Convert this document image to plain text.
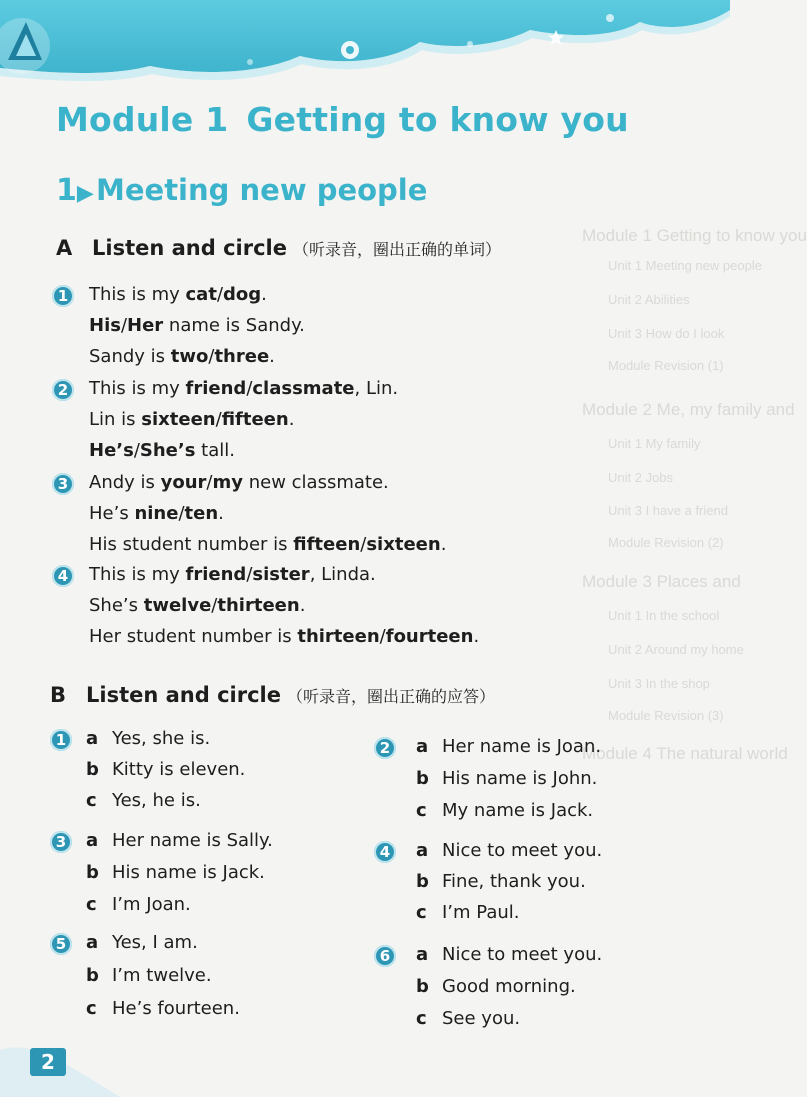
Module 1 Getting to know you
Unit 1 Meeting new people
Unit 2 Abilities
Unit 3 How do I look
Module Revision (1)
Module 2 Me, my family and
Unit 1 My family
Unit 2 Jobs
Unit 3 I have a friend
Module Revision (2)
Module 3 Places and
Unit 1 In the school
Unit 2 Around my home
Unit 3 In the shop
Module Revision (3)
Module 4 The natural world
Module 1 Getting to know you
1▶ Meeting new people
A Listen and circle （听录音，圈出正确的单词）
B Listen and circle （听录音，圈出正确的应答）
2
1	This is my cat/dog.
His/Her name is Sandy.
Sandy is two/three.
2	This is my friend/classmate, Lin.
Lin is sixteen/fifteen.
He’s/She’s tall.
3	Andy is your/my new classmate.
He’s nine/ten.
His student number is fifteen/sixteen.
4	This is my friend/sister, Linda.
She’s twelve/thirteen.
Her student number is thirteen/fourteen.
1	a Yes, she is.
b Kitty is eleven.
c Yes, he is.
2	a Her name is Joan.
b His name is John.
c My name is Jack.
3	a Her name is Sally.
b His name is Jack.
c I’m Joan.
4	a Nice to meet you.
b Fine, thank you.
c I’m Paul.
5	a Yes, I am.
b I’m twelve.
c He’s fourteen.
6	a Nice to meet you.
b Good morning.
c See you.
